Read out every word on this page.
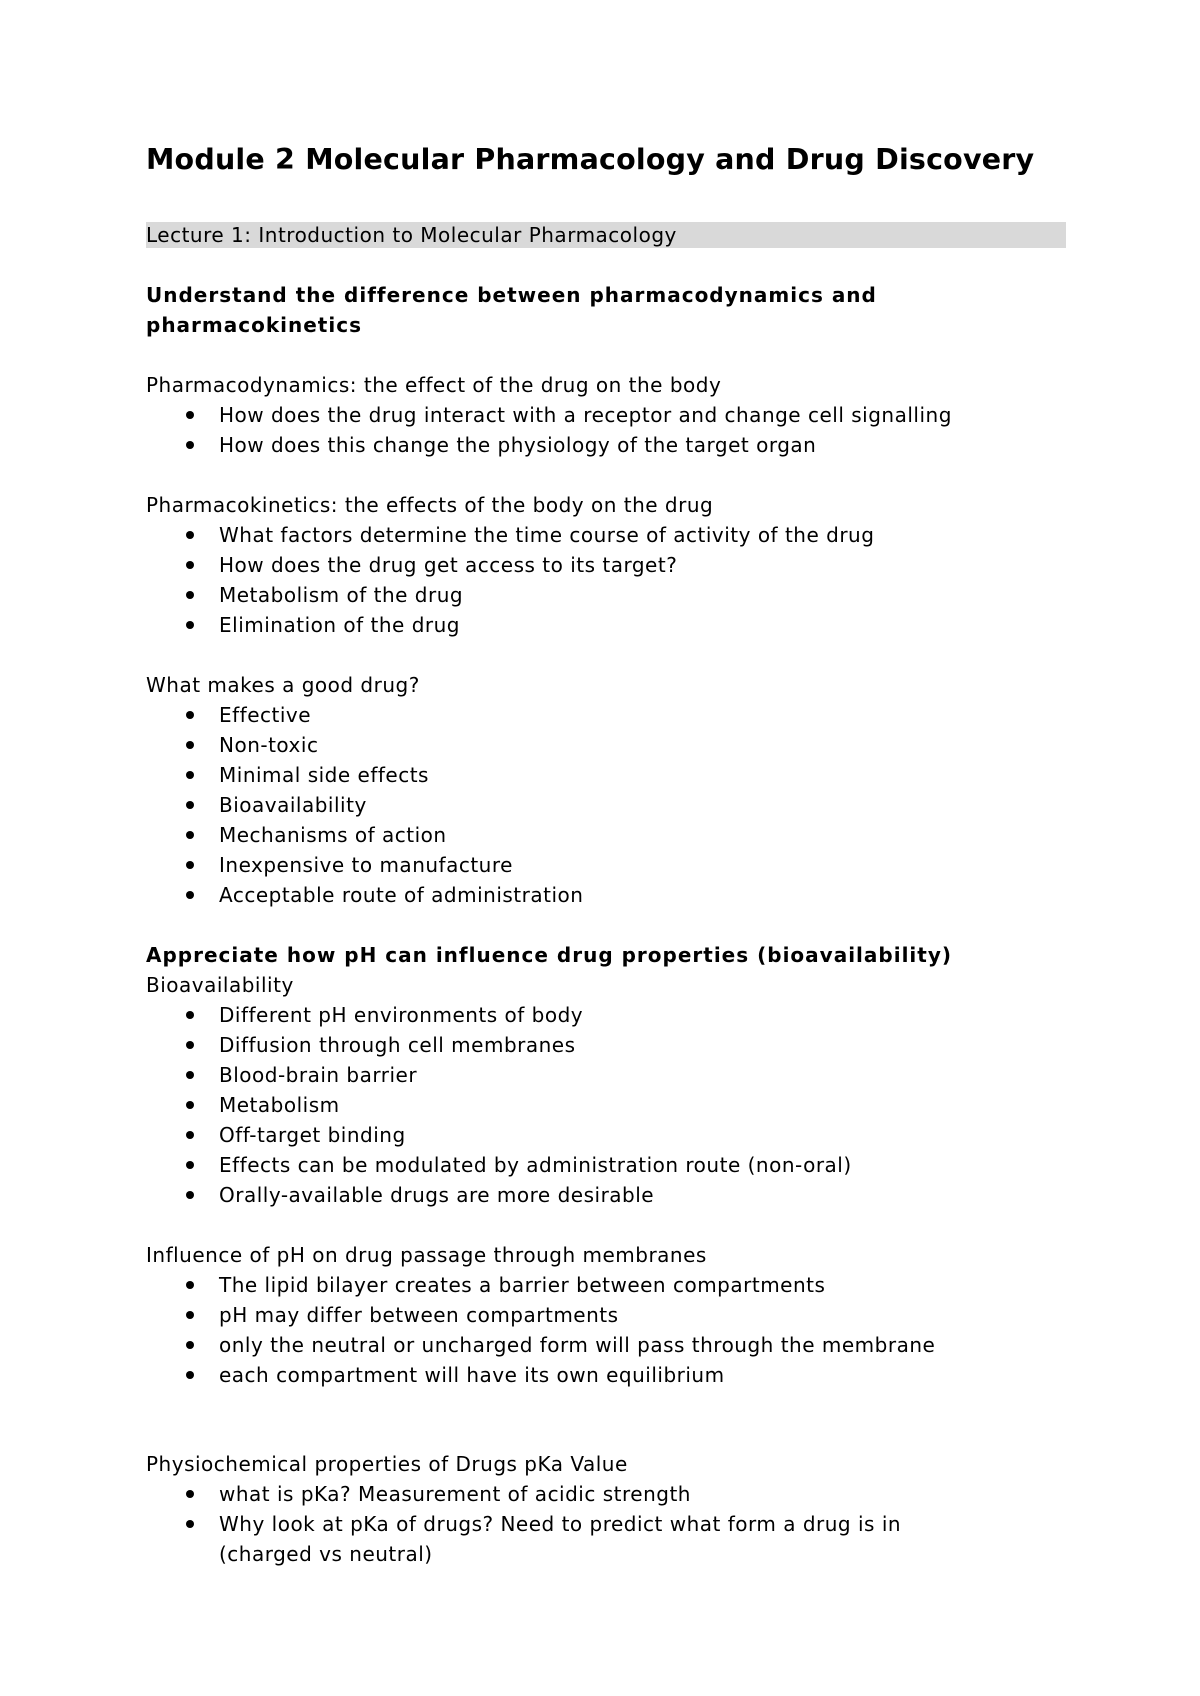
Module 2 Molecular Pharmacology and Drug Discovery
Lecture 1: Introduction to Molecular Pharmacology
Understand the difference between pharmacodynamics and pharmacokinetics

Pharmacodynamics: the effect of the drug on the body

How does the drug interact with a receptor and change cell signalling
How does this change the physiology of the target organ

Pharmacokinetics: the effects of the body on the drug

What factors determine the time course of activity of the drug
How does the drug get access to its target?
Metabolism of the drug
Elimination of the drug

What makes a good drug?

Effective
Non-toxic
Minimal side effects
Bioavailability
Mechanisms of action
Inexpensive to manufacture
Acceptable route of administration
Appreciate how pH can influence drug properties (bioavailability)

Bioavailability

Different pH environments of body
Diffusion through cell membranes
Blood-brain barrier
Metabolism
Off-target binding
Effects can be modulated by administration route (non-oral)
Orally-available drugs are more desirable

Influence of pH on drug passage through membranes

The lipid bilayer creates a barrier between compartments
pH may differ between compartments
only the neutral or uncharged form will pass through the membrane
each compartment will have its own equilibrium

Physiochemical properties of Drugs pKa Value

what is pKa? Measurement of acidic strength
Why look at pKa of drugs? Need to predict what form a drug is in (charged vs neutral)
